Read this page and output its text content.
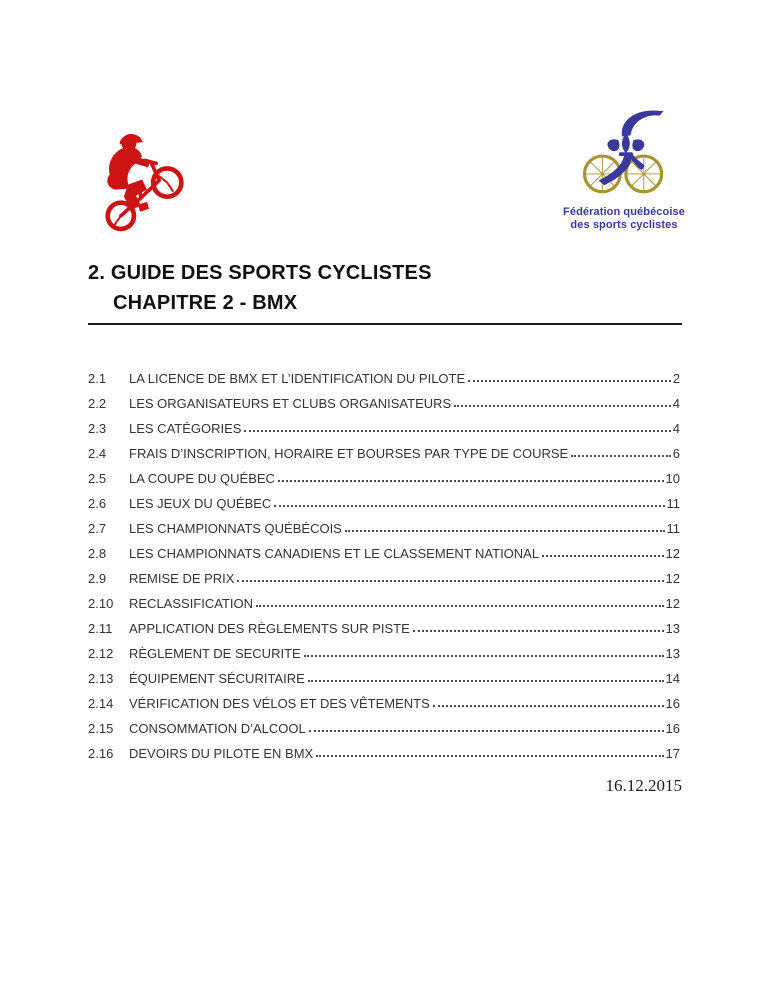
Fédération québécoise
des sports cyclistes
2. GUIDE DES SPORTS CYCLISTES
CHAPITRE 2 - BMX
2.1	LA LICENCE DE BMX ET L’IDENTIFICATION DU PILOTE	2
2.2	LES ORGANISATEURS ET CLUBS ORGANISATEURS	4
2.3	LES CATÉGORIES	4
2.4	FRAIS D’INSCRIPTION, HORAIRE ET BOURSES PAR TYPE DE COURSE	6
2.5	LA COUPE DU QUÉBEC	10
2.6	LES JEUX DU QUÉBEC	11
2.7	LES CHAMPIONNATS QUÉBÉCOIS	11
2.8	LES CHAMPIONNATS CANADIENS ET LE CLASSEMENT NATIONAL	12
2.9	REMISE DE PRIX	12
2.10	RECLASSIFICATION	12
2.11	APPLICATION DES RÈGLEMENTS SUR PISTE	13
2.12	RÈGLEMENT DE SECURITE	13
2.13	ÉQUIPEMENT SÉCURITAIRE	14
2.14	VÉRIFICATION DES VÉLOS ET DES VÊTEMENTS	16
2.15	CONSOMMATION D’ALCOOL	16
2.16	DEVOIRS DU PILOTE EN BMX	17
16.12.2015
